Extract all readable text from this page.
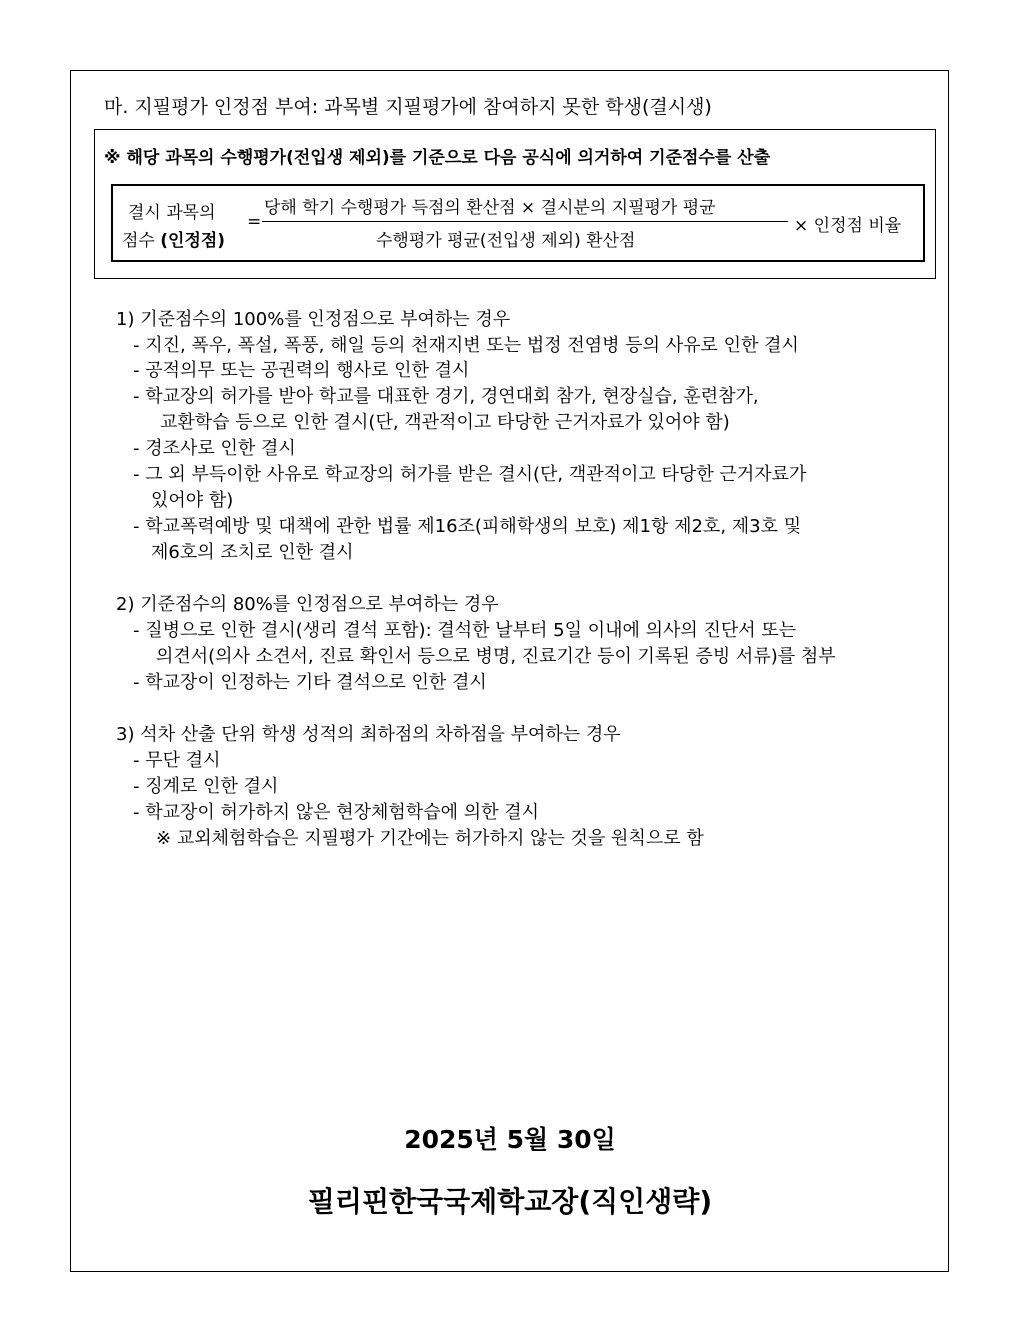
마. 지필평가 인정점 부여: 과목별 지필평가에 참여하지 못한 학생(결시생)
※ 해당 과목의 수행평가(전입생 제외)를 기준으로 다음 공식에 의거하여 기준점수를 산출
결시 과목의
점수 (인정점)
=
당해 학기 수행평가 득점의 환산점 × 결시분의 지필평가 평균
수행평가 평균(전입생 제외) 환산점
× 인정점 비율
1) 기준점수의 100%를 인정점으로 부여하는 경우
- 지진, 폭우, 폭설, 폭풍, 해일 등의 천재지변 또는 법정 전염병 등의 사유로 인한 결시
- 공적의무 또는 공권력의 행사로 인한 결시
- 학교장의 허가를 받아 학교를 대표한 경기, 경연대회 참가, 현장실습, 훈련참가,
교환학습 등으로 인한 결시(단, 객관적이고 타당한 근거자료가 있어야 함)
- 경조사로 인한 결시
- 그 외 부득이한 사유로 학교장의 허가를 받은 결시(단, 객관적이고 타당한 근거자료가
있어야 함)
- 학교폭력예방 및 대책에 관한 법률 제16조(피해학생의 보호) 제1항 제2호, 제3호 및
제6호의 조치로 인한 결시
2) 기준점수의 80%를 인정점으로 부여하는 경우
- 질병으로 인한 결시(생리 결석 포함): 결석한 날부터 5일 이내에 의사의 진단서 또는
의견서(의사 소견서, 진료 확인서 등으로 병명, 진료기간 등이 기록된 증빙 서류)를 첨부
- 학교장이 인정하는 기타 결석으로 인한 결시
3) 석차 산출 단위 학생 성적의 최하점의 차하점을 부여하는 경우
- 무단 결시
- 징계로 인한 결시
- 학교장이 허가하지 않은 현장체험학습에 의한 결시
※ 교외체험학습은 지필평가 기간에는 허가하지 않는 것을 원칙으로 함
2025년 5월 30일
필리핀한국국제학교장(직인생략)
